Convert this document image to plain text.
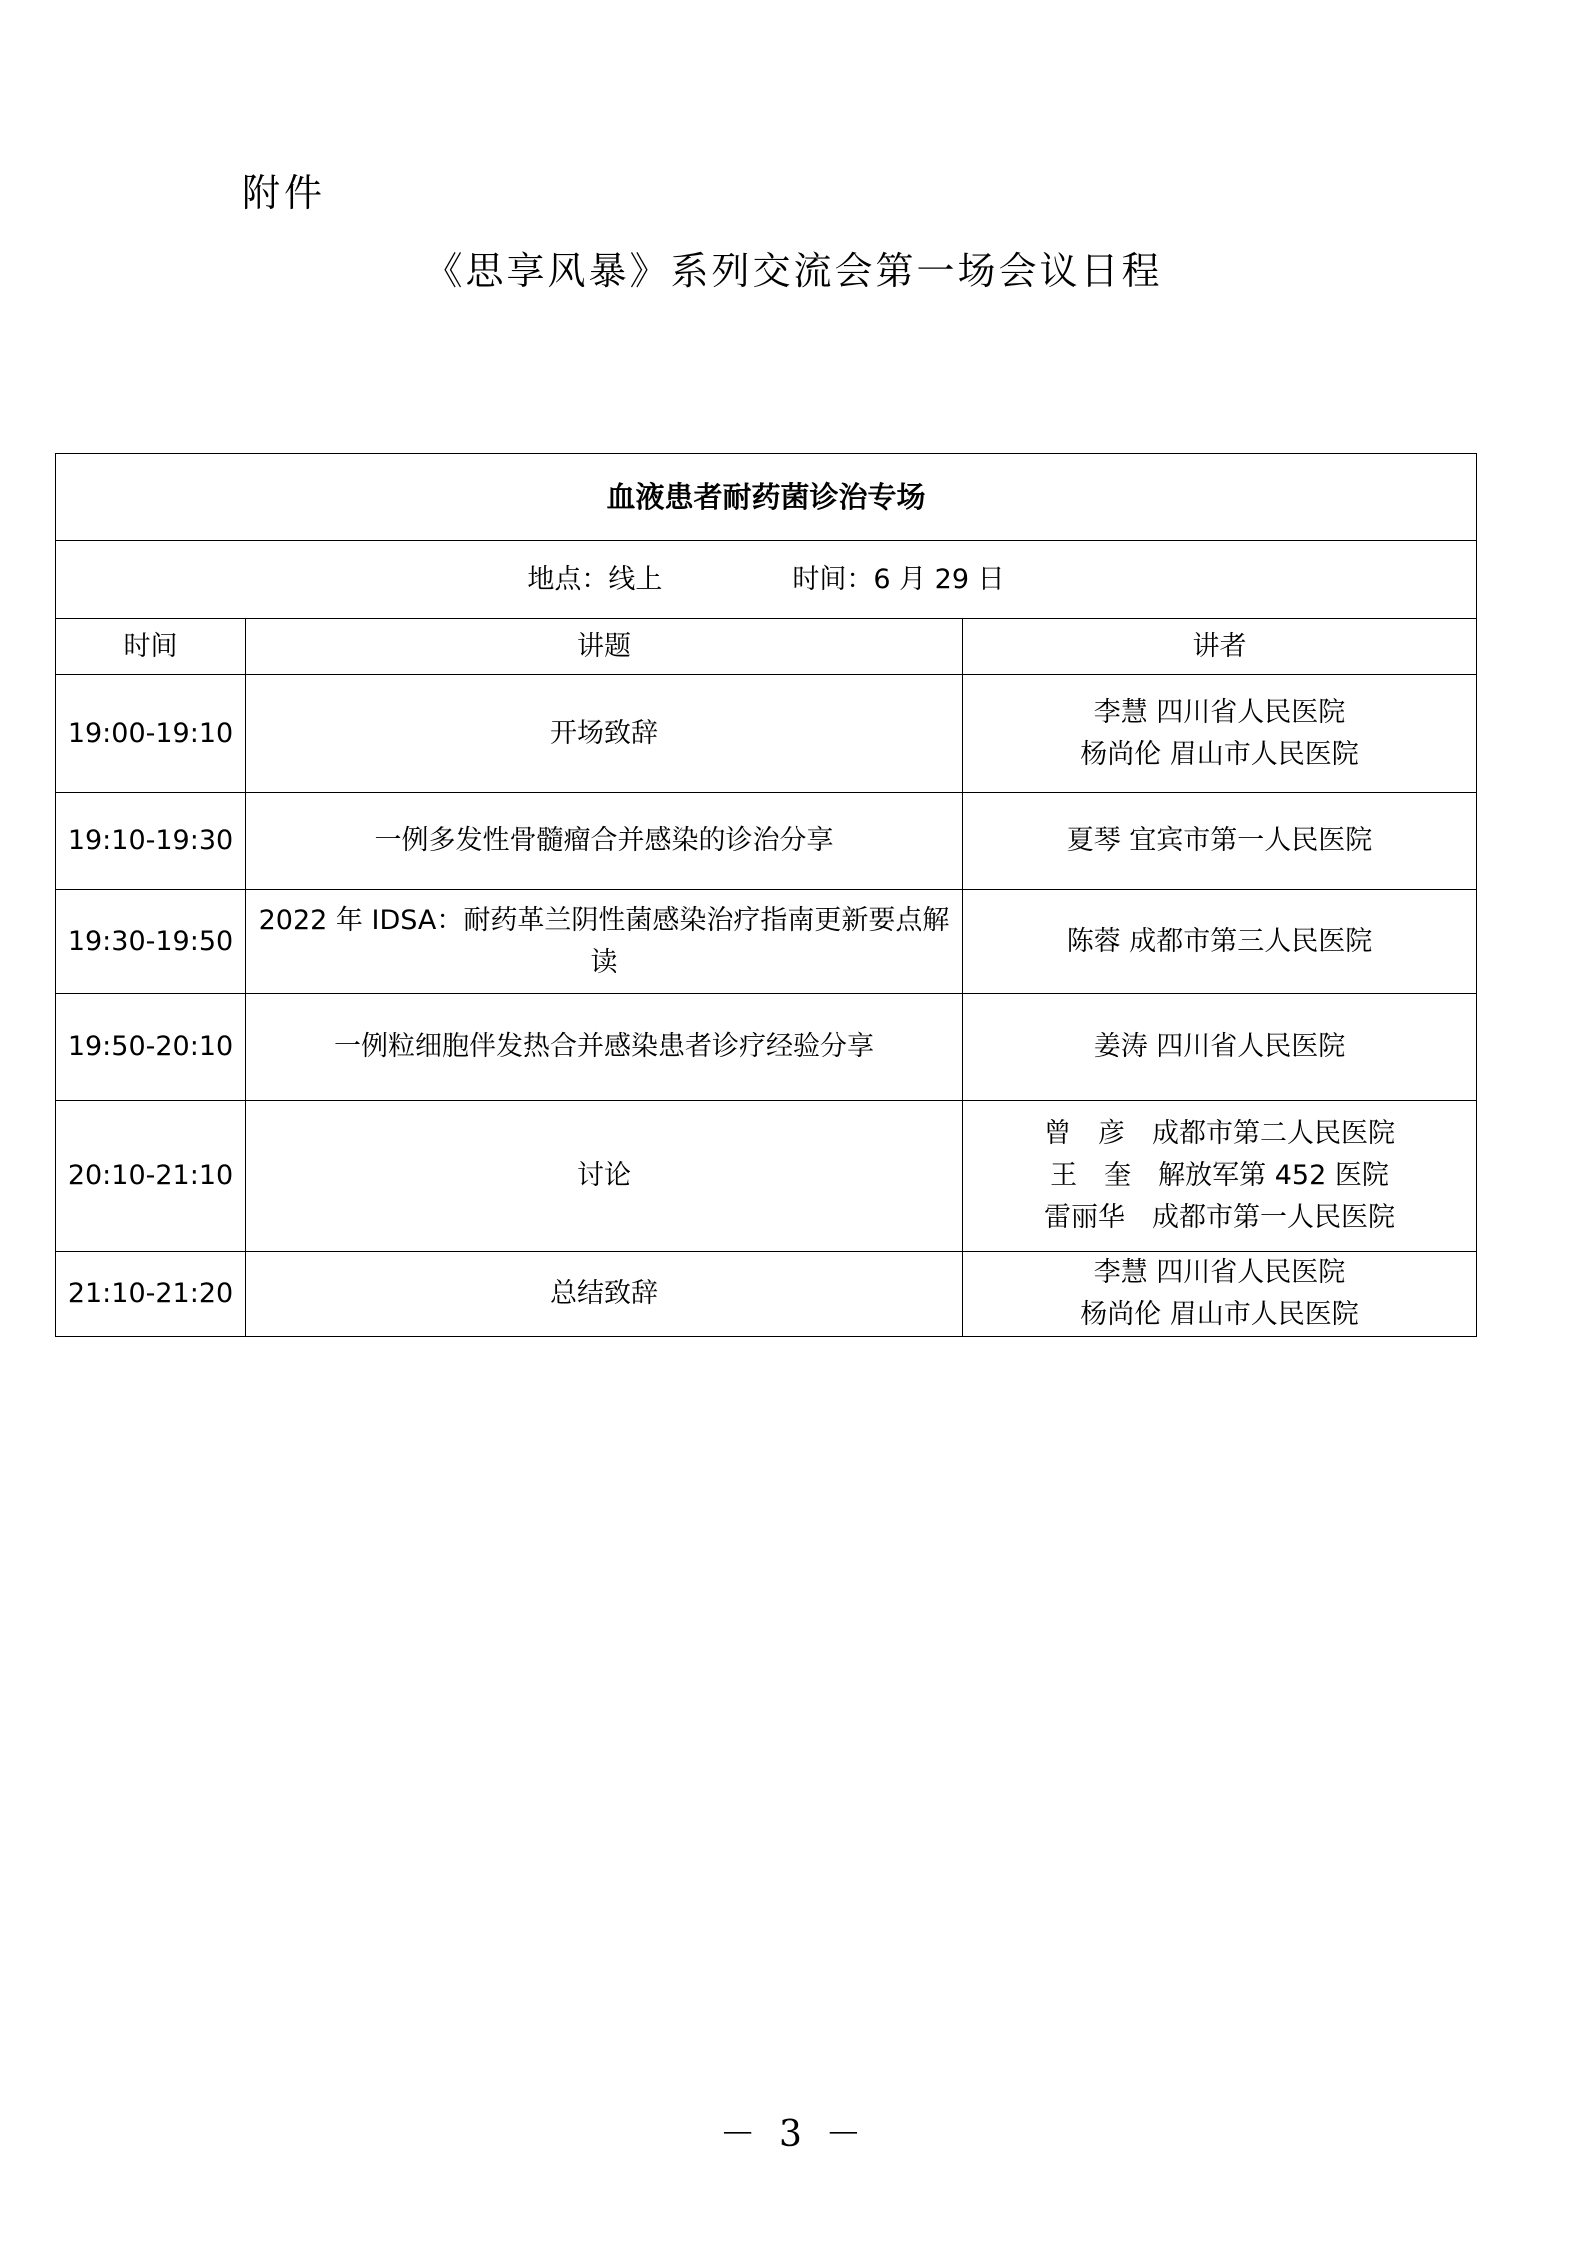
附件
《思享风暴》系列交流会第一场会议日程
血液患者耐药菌诊治专场		
地点：线上 时间：6 月 29 日		
时间	讲题	讲者
19:00-19:10	开场致辞	李慧 四川省人民医院
杨尚伦 眉山市人民医院

19:10-19:30	一例多发性骨髓瘤合并感染的诊治分享	夏琴 宜宾市第一人民医院

19:30-19:50	2022 年 IDSA：耐药革兰阴性菌感染治疗指南更新要点解读	陈蓉 成都市第三人民医院

19:50-20:10	一例粒细胞伴发热合并感染患者诊疗经验分享	姜涛 四川省人民医院

20:10-21:10	讨论	曾　彦　成都市第二人民医院
王　奎　解放军第 452 医院
雷丽华　成都市第一人民医院

21:10-21:20	总结致辞	李慧 四川省人民医院
杨尚伦 眉山市人民医院
－ 3 －
